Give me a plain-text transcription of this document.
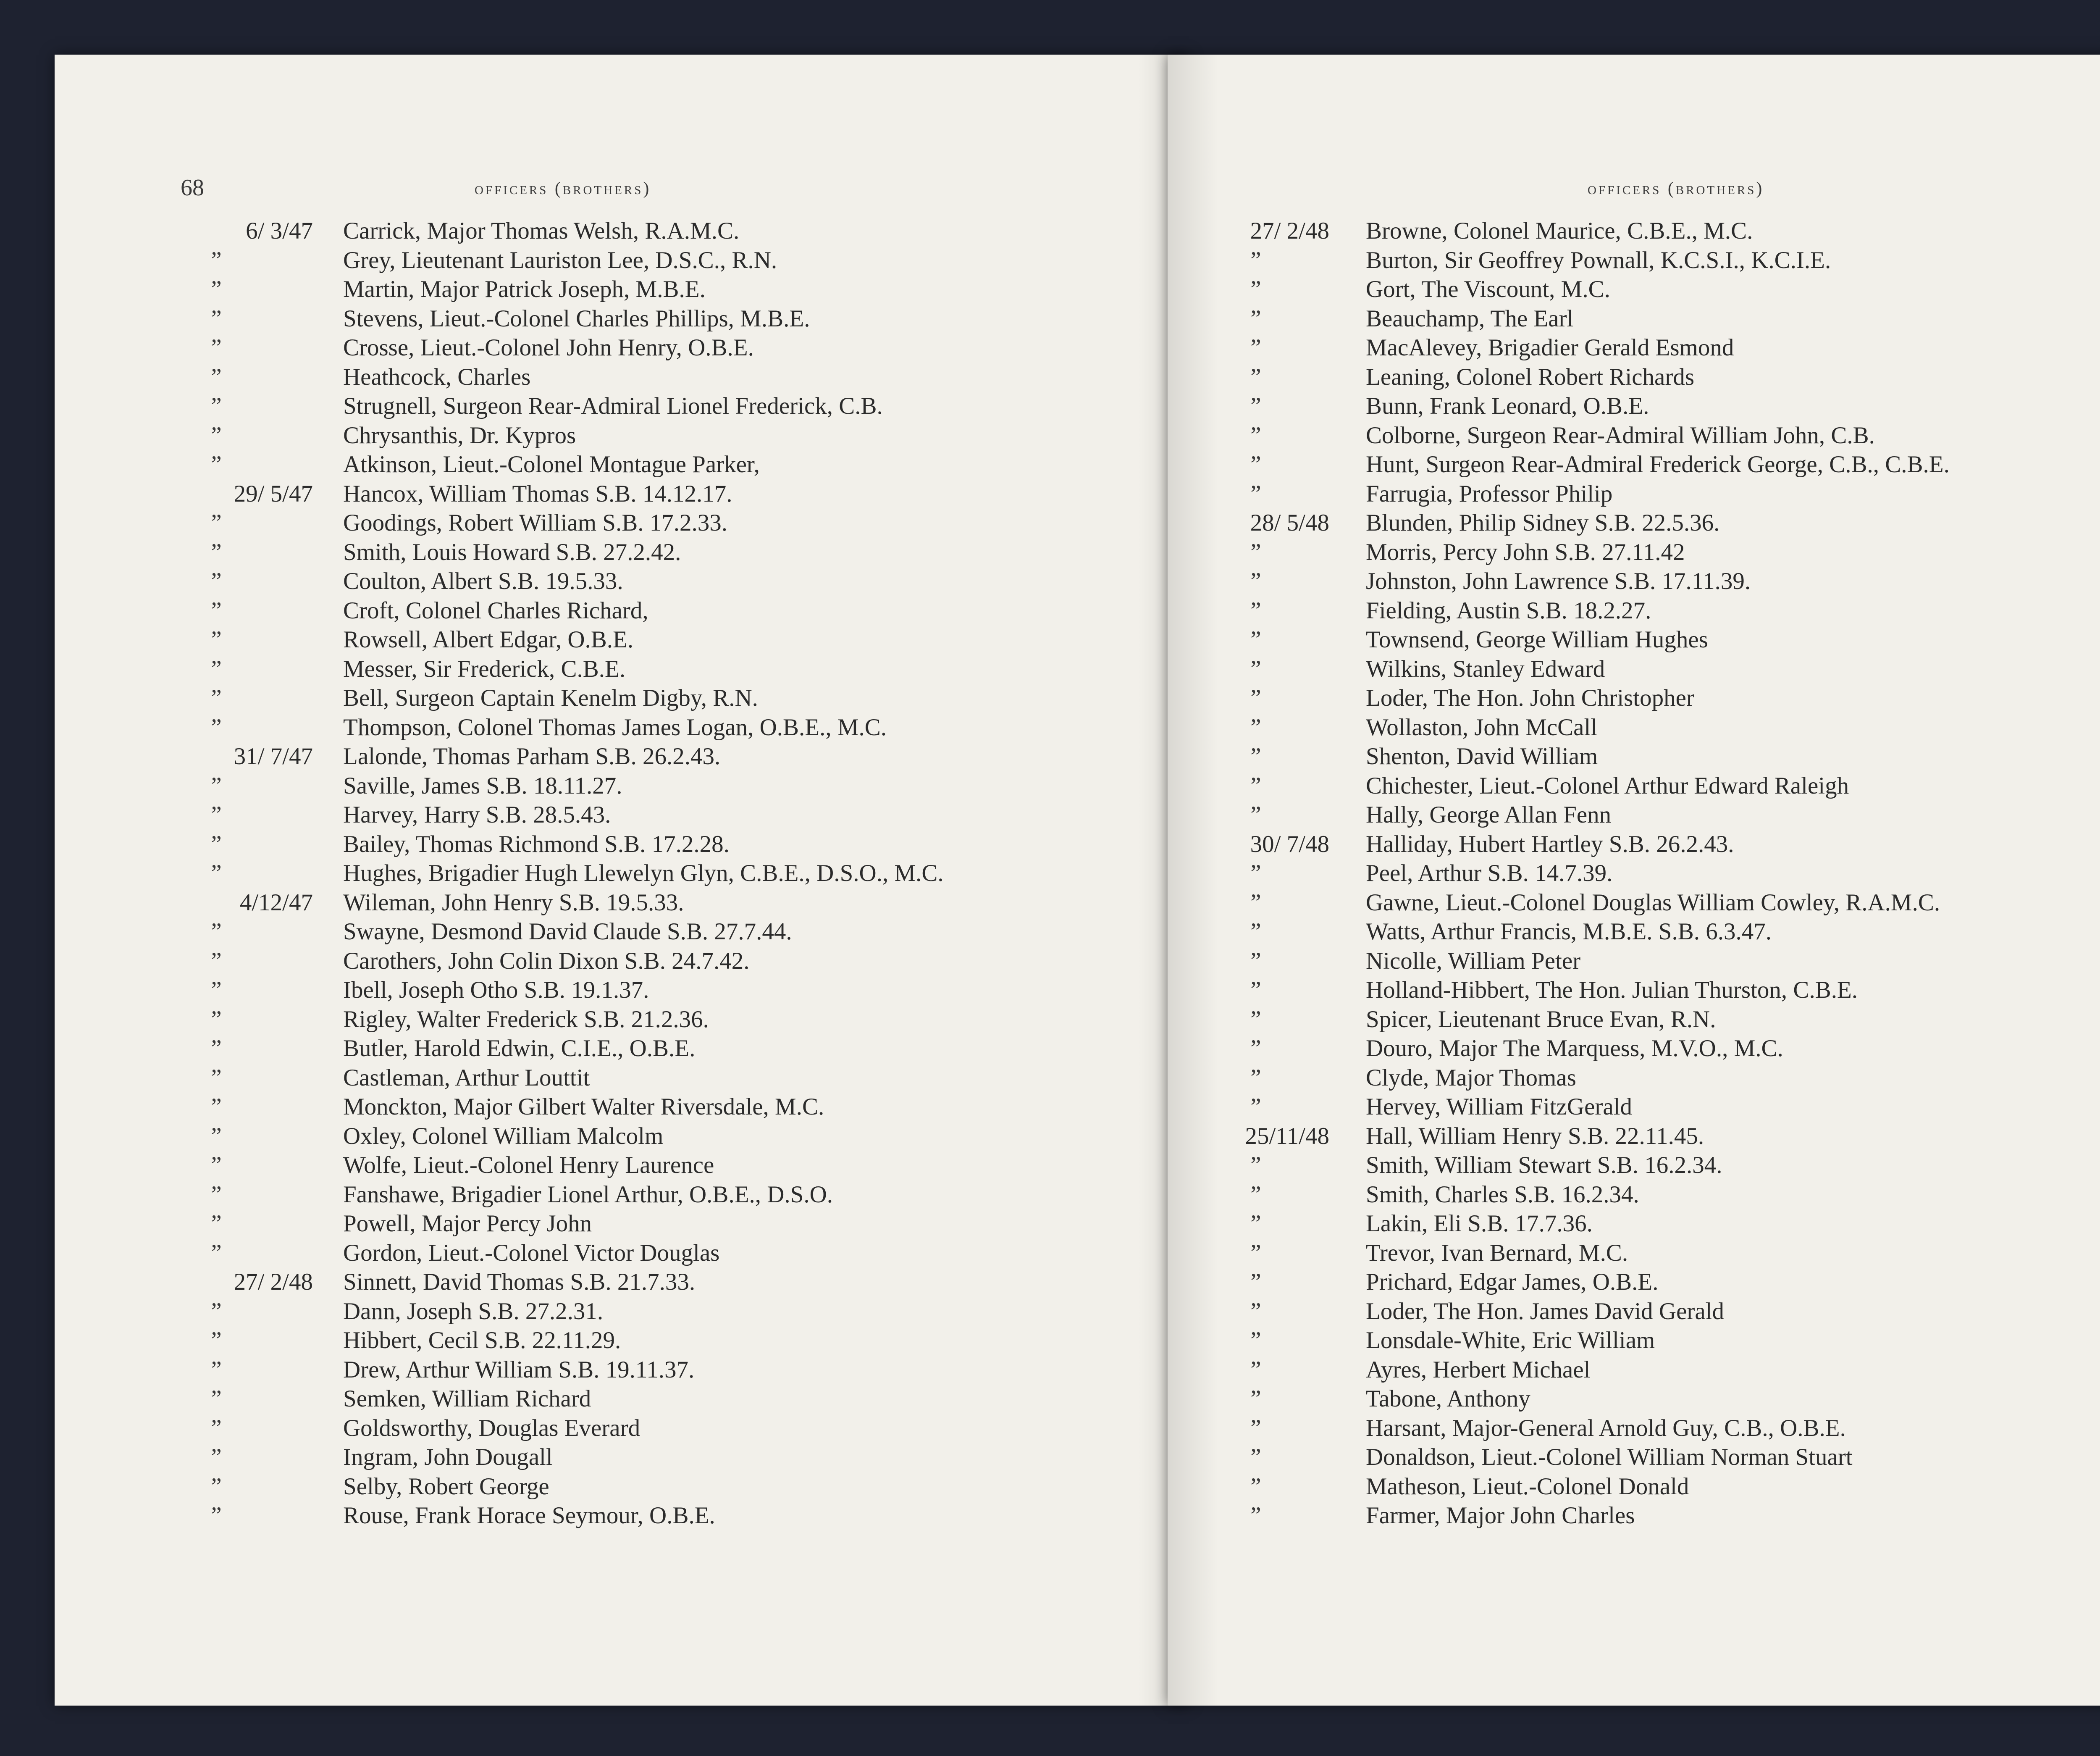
68	officers (brothers)
6/ 3/47 Carrick, Major Thomas Welsh, R.A.M.C.
”	Grey, Lieutenant Lauriston Lee, D.S.C., R.N.
”	Martin, Major Patrick Joseph, M.B.E.
”	Stevens, Lieut.-Colonel Charles Phillips, M.B.E.
”	Crosse, Lieut.-Colonel John Henry, O.B.E.
”	Heathcock, Charles
”	Strugnell, Surgeon Rear-Admiral Lionel Frederick, C.B.
”	Chrysanthis, Dr. Kypros
”	Atkinson, Lieut.-Colonel Montague Parker,
29/ 5/47 Hancox, William Thomas S.B. 14.12.17.
”	Goodings, Robert William S.B. 17.2.33.
”	Smith, Louis Howard S.B. 27.2.42.
”	Coulton, Albert S.B. 19.5.33.
”	Croft, Colonel Charles Richard,
”	Rowsell, Albert Edgar, O.B.E.
”	Messer, Sir Frederick, C.B.E.
”	Bell, Surgeon Captain Kenelm Digby, R.N.
”	Thompson, Colonel Thomas James Logan, O.B.E., M.C.
31/ 7/47 Lalonde, Thomas Parham S.B. 26.2.43.
”	Saville, James S.B. 18.11.27.
”	Harvey, Harry S.B. 28.5.43.
”	Bailey, Thomas Richmond S.B. 17.2.28.
”	Hughes, Brigadier Hugh Llewelyn Glyn, C.B.E., D.S.O., M.C.
4/12/47 Wileman, John Henry S.B. 19.5.33.
”	Swayne, Desmond David Claude S.B. 27.7.44.
”	Carothers, John Colin Dixon S.B. 24.7.42.
”	Ibell, Joseph Otho S.B. 19.1.37.
”	Rigley, Walter Frederick S.B. 21.2.36.
”	Butler, Harold Edwin, C.I.E., O.B.E.
”	Castleman, Arthur Louttit
”	Monckton, Major Gilbert Walter Riversdale, M.C.
”	Oxley, Colonel William Malcolm
”	Wolfe, Lieut.-Colonel Henry Laurence
”	Fanshawe, Brigadier Lionel Arthur, O.B.E., D.S.O.
”	Powell, Major Percy John
”	Gordon, Lieut.-Colonel Victor Douglas
27/ 2/48 Sinnett, David Thomas S.B. 21.7.33.
”	Dann, Joseph S.B. 27.2.31.
”	Hibbert, Cecil S.B. 22.11.29.
”	Drew, Arthur William S.B. 19.11.37.
”	Semken, William Richard
”	Goldsworthy, Douglas Everard
”	Ingram, John Dougall
”	Selby, Robert George
”	Rouse, Frank Horace Seymour, O.B.E.
officers (brothers)
27/ 2/48 Browne, Colonel Maurice, C.B.E., M.C.
”	Burton, Sir Geoffrey Pownall, K.C.S.I., K.C.I.E.
”	Gort, The Viscount, M.C.
”	Beauchamp, The Earl
”	MacAlevey, Brigadier Gerald Esmond
”	Leaning, Colonel Robert Richards
”	Bunn, Frank Leonard, O.B.E.
”	Colborne, Surgeon Rear-Admiral William John, C.B.
”	Hunt, Surgeon Rear-Admiral Frederick George, C.B., C.B.E.
”	Farrugia, Professor Philip
28/ 5/48 Blunden, Philip Sidney S.B. 22.5.36.
”	Morris, Percy John S.B. 27.11.42
”	Johnston, John Lawrence S.B. 17.11.39.
”	Fielding, Austin S.B. 18.2.27.
”	Townsend, George William Hughes
”	Wilkins, Stanley Edward
”	Loder, The Hon. John Christopher
”	Wollaston, John McCall
”	Shenton, David William
”	Chichester, Lieut.-Colonel Arthur Edward Raleigh
”	Hally, George Allan Fenn
30/ 7/48 Halliday, Hubert Hartley S.B. 26.2.43.
”	Peel, Arthur S.B. 14.7.39.
”	Gawne, Lieut.-Colonel Douglas William Cowley, R.A.M.C.
”	Watts, Arthur Francis, M.B.E. S.B. 6.3.47.
”	Nicolle, William Peter
”	Holland-Hibbert, The Hon. Julian Thurston, C.B.E.
”	Spicer, Lieutenant Bruce Evan, R.N.
”	Douro, Major The Marquess, M.V.O., M.C.
”	Clyde, Major Thomas
”	Hervey, William FitzGerald
25/11/48 Hall, William Henry S.B. 22.11.45.
”	Smith, William Stewart S.B. 16.2.34.
”	Smith, Charles S.B. 16.2.34.
”	Lakin, Eli S.B. 17.7.36.
”	Trevor, Ivan Bernard, M.C.
”	Prichard, Edgar James, O.B.E.
”	Loder, The Hon. James David Gerald
”	Lonsdale-White, Eric William
”	Ayres, Herbert Michael
”	Tabone, Anthony
”	Harsant, Major-General Arnold Guy, C.B., O.B.E.
”	Donaldson, Lieut.-Colonel William Norman Stuart
”	Matheson, Lieut.-Colonel Donald
”	Farmer, Major John Charles
